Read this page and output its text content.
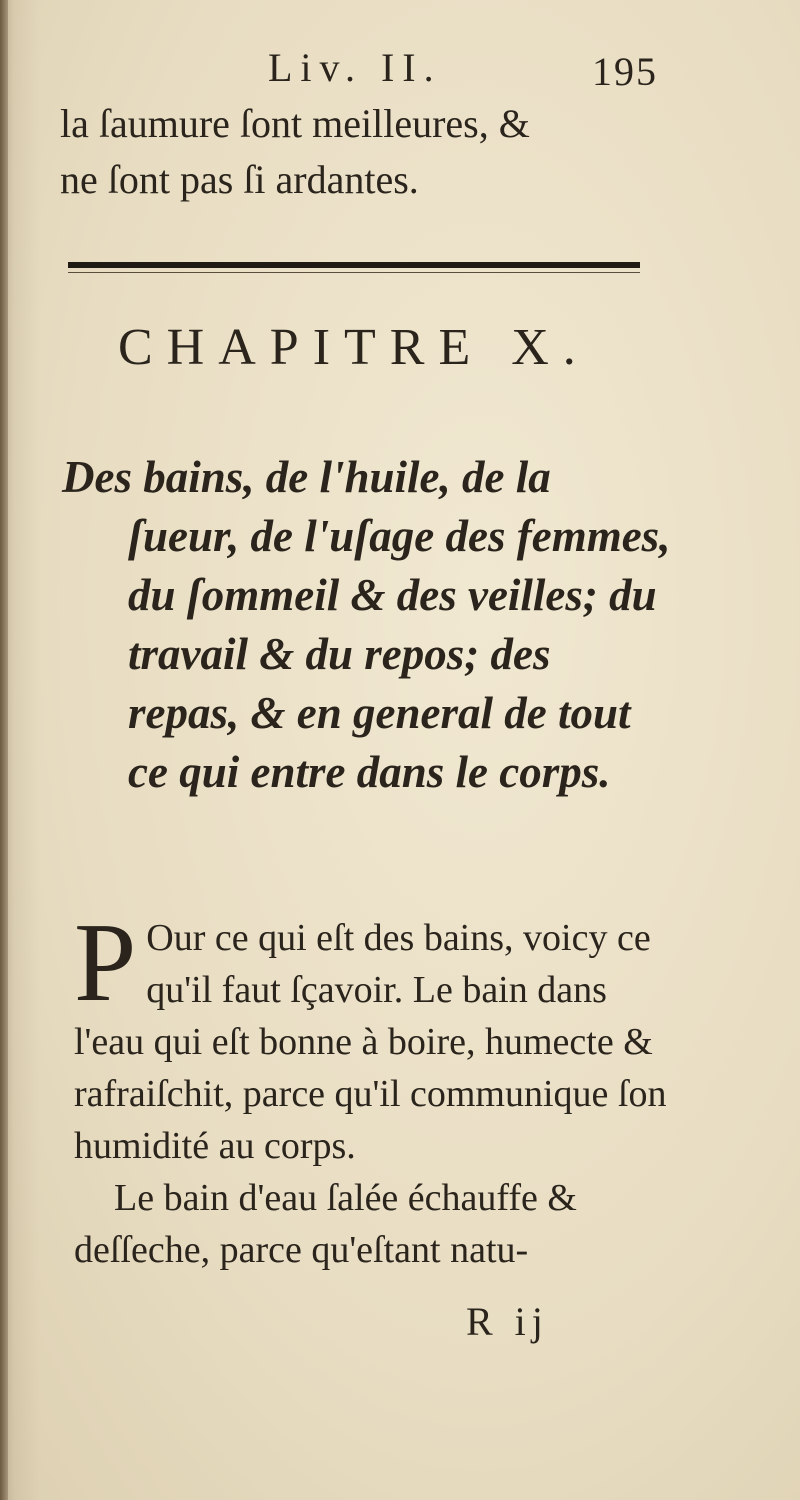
Liv. II.	195
la ſaumure ſont meilleures, &
ne ſont pas ſi ardantes.
CHAPITRE X.
Des bains, de l'huile, de la ſueur, de l'uſage des femmes, du ſommeil & des veilles; du travail & du repos; des repas, & en general de tout ce qui entre dans le corps.

P Our ce qui eſt des bains, voicy ce qu'il faut ſçavoir. Le bain dans l'eau qui eſt bonne à boire, humecte & rafraiſchit, parce qu'il communique ſon humidité au corps.

Le bain d'eau ſalée échauffe & deſſeche, parce qu'eſtant natu-

R ij
